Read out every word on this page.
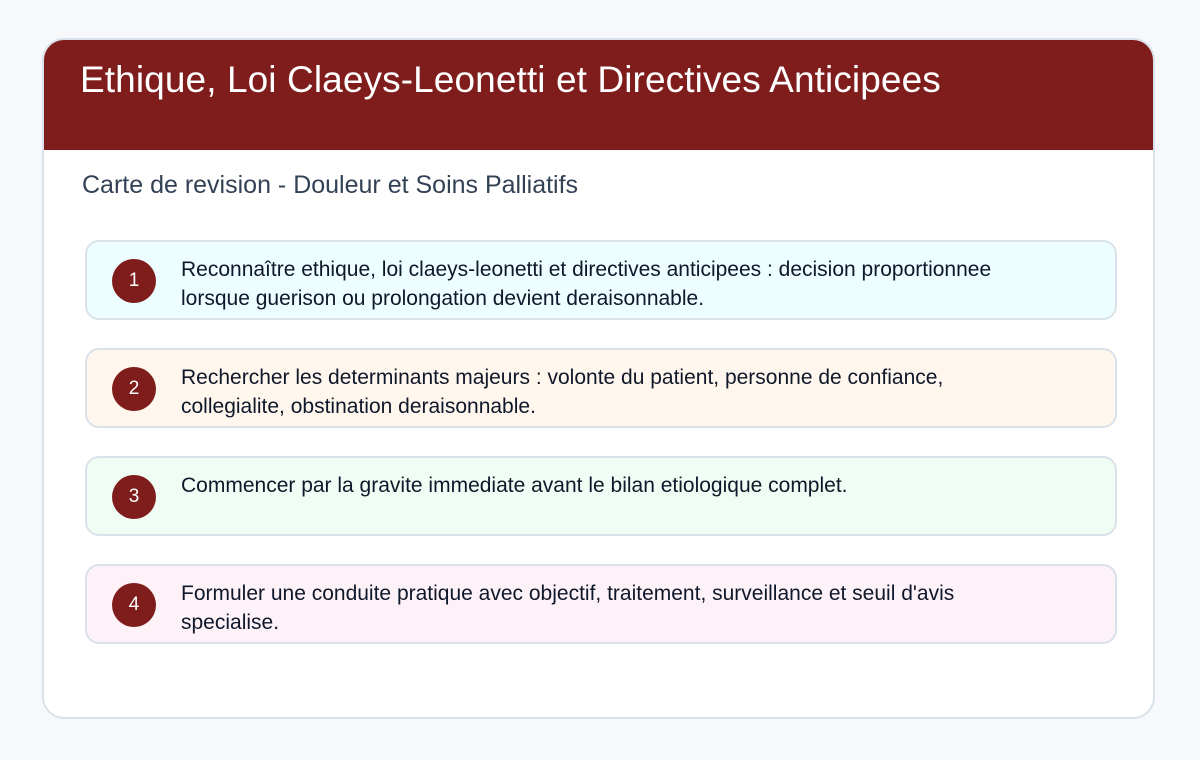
Ethique, Loi Claeys-Leonetti et Directives Anticipees
Carte de revision - Douleur et Soins Palliatifs
1	Reconnaître ethique, loi claeys-leonetti et directives anticipees : decision proportionnee lorsque guerison ou prolongation devient deraisonnable.
2	Rechercher les determinants majeurs : volonte du patient, personne de confiance, collegialite, obstination deraisonnable.
3	Commencer par la gravite immediate avant le bilan etiologique complet.
4	Formuler une conduite pratique avec objectif, traitement, surveillance et seuil d'avis specialise.
